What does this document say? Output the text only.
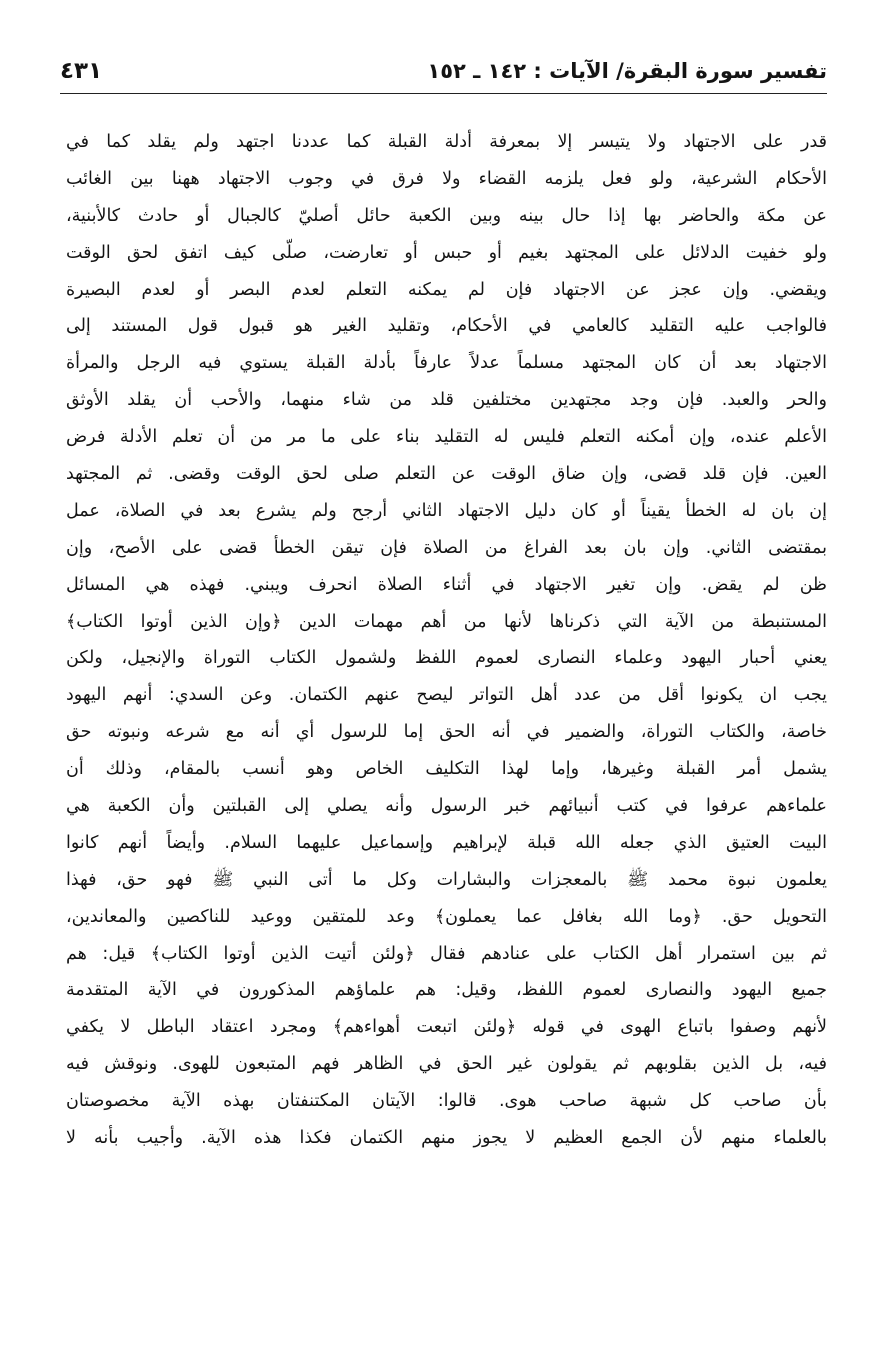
تفسير سورة البقرة/ الآيات : ١٤٢ ـ ١٥٢
٤٣١
قدر على الاجتهاد ولا يتيسر إلا بمعرفة أدلة القبلة كما عددنا اجتهد ولم يقلد كما في
الأحكام الشرعية، ولو فعل يلزمه القضاء ولا فرق في وجوب الاجتهاد ههنا بين الغائب
عن مكة والحاضر بها إذا حال بينه وبين الكعبة حائل أصليّ كالجبال أو حادث كالأبنية،
ولو خفيت الدلائل على المجتهد بغيم أو حبس أو تعارضت، صلّى كيف اتفق لحق الوقت
ويقضي. وإن عجز عن الاجتهاد فإن لم يمكنه التعلم لعدم البصر أو لعدم البصيرة
فالواجب عليه التقليد كالعامي في الأحكام، وتقليد الغير هو قبول قول المستند إلى
الاجتهاد بعد أن كان المجتهد مسلماً عدلاً عارفاً بأدلة القبلة يستوي فيه الرجل والمرأة
والحر والعبد. فإن وجد مجتهدين مختلفين قلد من شاء منهما، والأحب أن يقلد الأوثق
الأعلم عنده، وإن أمكنه التعلم فليس له التقليد بناء على ما مر من أن تعلم الأدلة فرض
العين. فإن قلد قضى، وإن ضاق الوقت عن التعلم صلى لحق الوقت وقضى. ثم المجتهد
إن بان له الخطأ يقيناً أو كان دليل الاجتهاد الثاني أرجح ولم يشرع بعد في الصلاة، عمل
بمقتضى الثاني. وإن بان بعد الفراغ من الصلاة فإن تيقن الخطأ قضى على الأصح، وإن
ظن لم يقض. وإن تغير الاجتهاد في أثناء الصلاة انحرف ويبني. فهذه هي المسائل
المستنبطة من الآية التي ذكرناها لأنها من أهم مهمات الدين ﴿وإن الذين أوتوا الكتاب﴾
يعني أحبار اليهود وعلماء النصارى لعموم اللفظ ولشمول الكتاب التوراة والإنجيل، ولكن
يجب ان يكونوا أقل من عدد أهل التواتر ليصح عنهم الكتمان. وعن السدي: أنهم اليهود
خاصة، والكتاب التوراة، والضمير في أنه الحق إما للرسول أي أنه مع شرعه ونبوته حق
يشمل أمر القبلة وغيرها، وإما لهذا التكليف الخاص وهو أنسب بالمقام، وذلك أن
علماءهم عرفوا في كتب أنبيائهم خبر الرسول وأنه يصلي إلى القبلتين وأن الكعبة هي
البيت العتيق الذي جعله الله قبلة لإبراهيم وإسماعيل عليهما السلام. وأيضاً أنهم كانوا
يعلمون نبوة محمد ﷺ بالمعجزات والبشارات وكل ما أتى النبي ﷺ فهو حق، فهذا
التحويل حق. ﴿وما الله بغافل عما يعملون﴾ وعد للمتقين ووعيد للناكصين والمعاندين،
ثم بين استمرار أهل الكتاب على عنادهم فقال ﴿ولئن أتيت الذين أوتوا الكتاب﴾ قيل: هم
جميع اليهود والنصارى لعموم اللفظ، وقيل: هم علماؤهم المذكورون في الآية المتقدمة
لأنهم وصفوا باتباع الهوى في قوله ﴿ولئن اتبعت أهواءهم﴾ ومجرد اعتقاد الباطل لا يكفي
فيه، بل الذين بقلوبهم ثم يقولون غير الحق في الظاهر فهم المتبعون للهوى. ونوقش فيه
بأن صاحب كل شبهة صاحب هوى. قالوا: الآيتان المكتنفتان بهذه الآية مخصوصتان
بالعلماء منهم لأن الجمع العظيم لا يجوز منهم الكتمان فكذا هذه الآية. وأجيب بأنه لا
